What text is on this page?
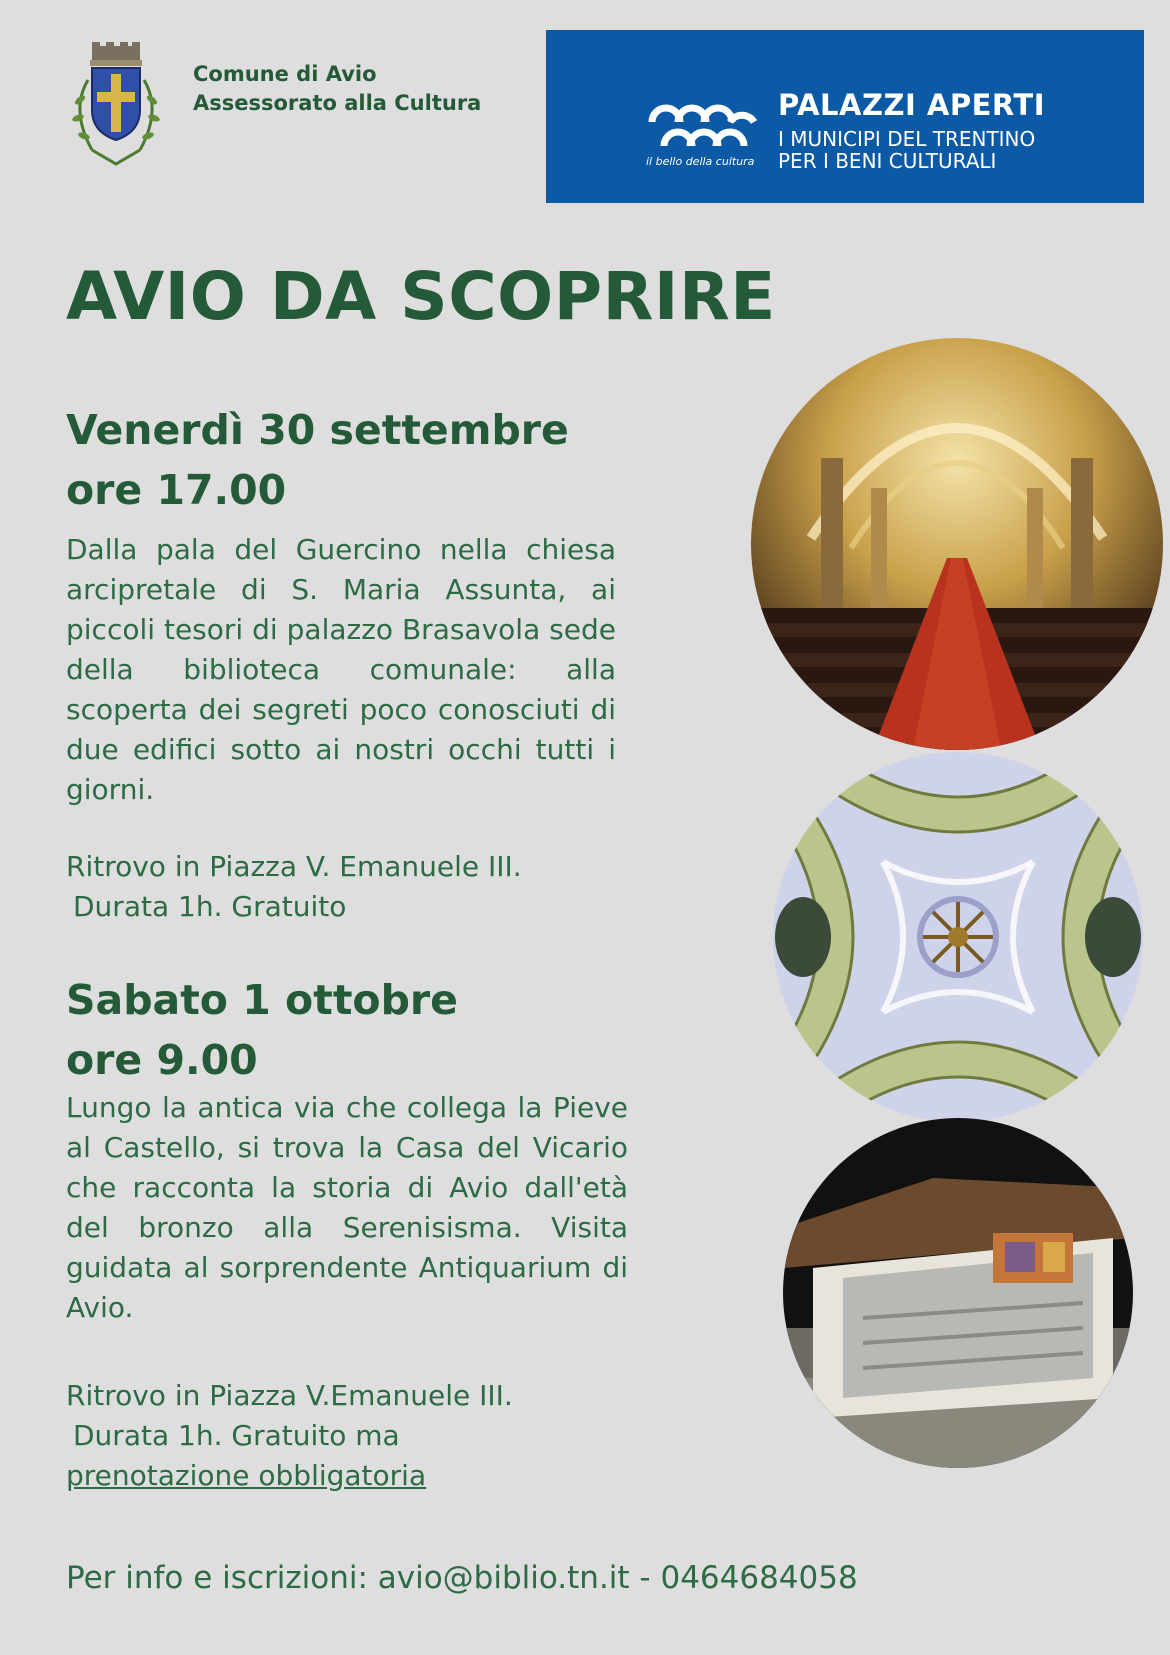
Comune di Avio
Assessorato alla Cultura
il bello della cultura
PALAZZI APERTI
I MUNICIPI DEL TRENTINO
PER I BENI CULTURALI
AVIO DA SCOPRIRE
Venerdì 30 settembre
ore 17.00
Dalla pala del Guercino nella chiesa arcipretale di S. Maria Assunta, ai piccoli tesori di palazzo Brasavola sede della biblioteca comunale: alla scoperta dei segreti poco conosciuti di due edifici sotto ai nostri occhi tutti i giorni.
Ritrovo in Piazza V. Emanuele III.
Durata 1h. Gratuito
Sabato 1 ottobre
ore 9.00
Lungo la antica via che collega la Pieve al Castello, si trova la Casa del Vicario che racconta la storia di Avio dall'età del bronzo alla Serenisisma. Visita guidata al sorprendente Antiquarium di Avio.
Ritrovo in Piazza V.Emanuele III.
Durata 1h. Gratuito ma
prenotazione obbligatoria
Per info e iscrizioni: avio@biblio.tn.it - 0464684058
